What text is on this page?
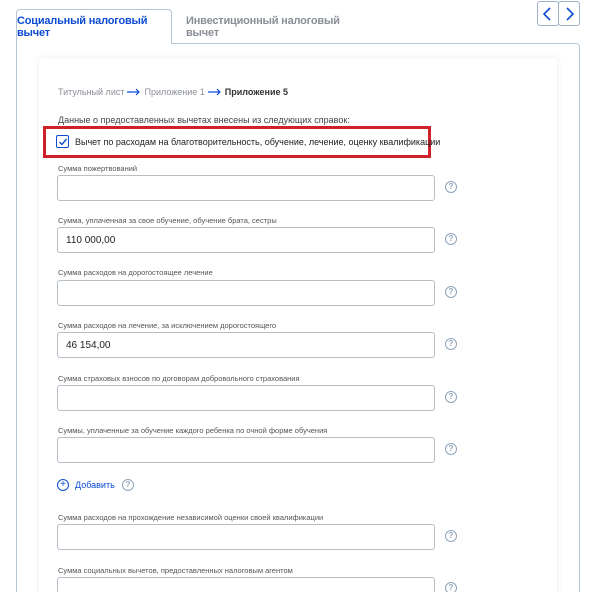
Социальный налоговый вычет
Инвестиционный налоговый вычет
Титульный лист Приложение 1 Приложение 5
Данные о предоставленных вычетах внесены из следующих справок:
Вычет по расходам на благотворительность, обучение, лечение, оценку квалификации
Сумма пожертвований
?
Сумма, уплаченная за свое обучение, обучение брата, сестры
110 000,00	?
Сумма расходов на дорогостоящее лечение
?
Сумма расходов на лечение, за исключением дорогостоящего
46 154,00	?
Сумма страховых взносов по договорам добровольного страхования
?
Суммы, уплаченные за обучение каждого ребенка по очной форме обучения
?
+	Добавить	?
Сумма расходов на прохождение независимой оценки своей квалификации
?
Сумма социальных вычетов, предоставленных налоговым агентом
?
